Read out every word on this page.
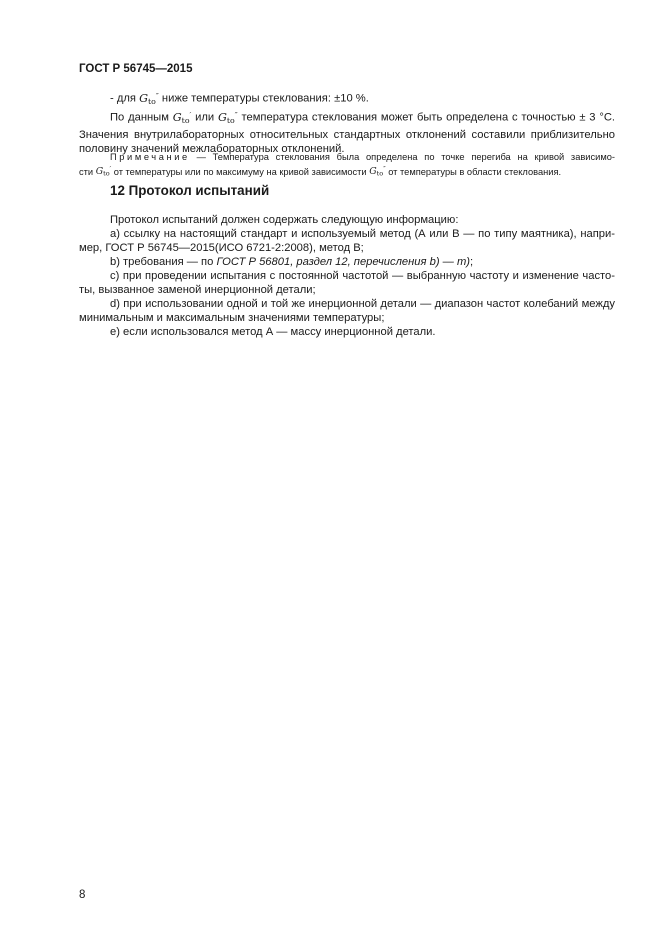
ГОСТ Р 56745—2015

- для $G_{to}''$ ниже температуры стеклования: ±10 %.

По данным $G_{to}'$ или $G_{to}''$ температура стеклования может быть определена с точностью ± 3 °С.

Значения внутрилабораторных относительных стандартных отклонений составили приблизительно

половину значений межлабораторных отклонений.

Примечание — Температура стеклования была определена по точке перегиба на кривой зависимо-

сти $G_{to}'$ от температуры или по максимуму на кривой зависимости $G_{to}''$ от температуры в области стеклования.

12 Протокол испытаний

Протокол испытаний должен содержать следующую информацию:

a) ссылку на настоящий стандарт и используемый метод (А или В — по типу маятника), напри-

мер, ГОСТ Р 56745—2015(ИСО 6721-2:2008), метод В;

b) требования — по ГОСТ Р 56801, раздел 12, перечисления b) — m);

с) при проведении испытания с постоянной частотой — выбранную частоту и изменение часто-

ты, вызванное заменой инерционной детали;

d) при использовании одной и той же инерционной детали — диапазон частот колебаний между

минимальным и максимальным значениями температуры;

е) если использовался метод А — массу инерционной детали.

8
